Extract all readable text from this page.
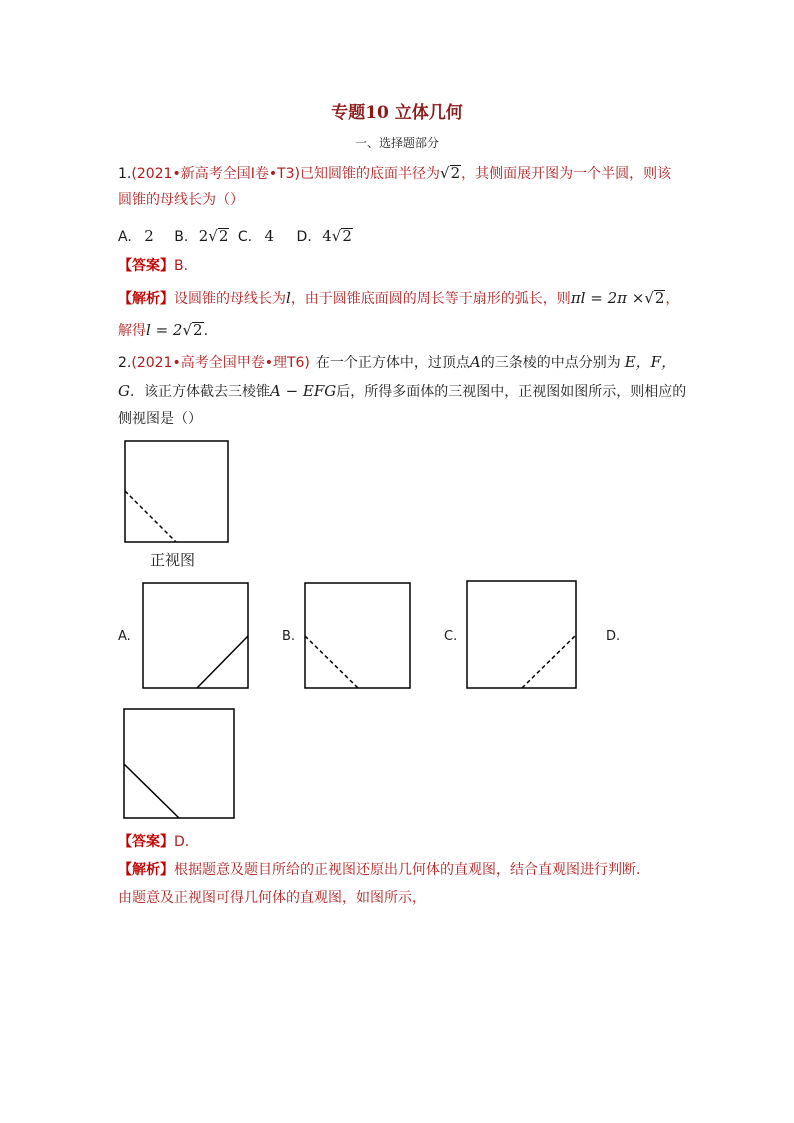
专题10 立体几何
一、选择题部分
1.(2021•新高考全国Ⅰ卷•T3)已知圆锥的底面半径为√2，其侧面展开图为一个半圆，则该
圆锥的母线长为（）
A. 2 B. 2√2 C. 4 D. 4√2
【答案】B．
【解析】设圆锥的母线长为l，由于圆锥底面圆的周长等于扇形的弧长，则πl = 2π ×√2，
解得l = 2√2.
2.(2021•高考全国甲卷•理T6) 在一个正方体中，过顶点A的三条棱的中点分别为 E，F，
G．该正方体截去三棱锥A − EFG后，所得多面体的三视图中，正视图如图所示，则相应的
侧视图是（）
正视图
A.	B.	C.	D.
【答案】D．
【解析】根据题意及题目所给的正视图还原出几何体的直观图，结合直观图进行判断.
由题意及正视图可得几何体的直观图，如图所示，
